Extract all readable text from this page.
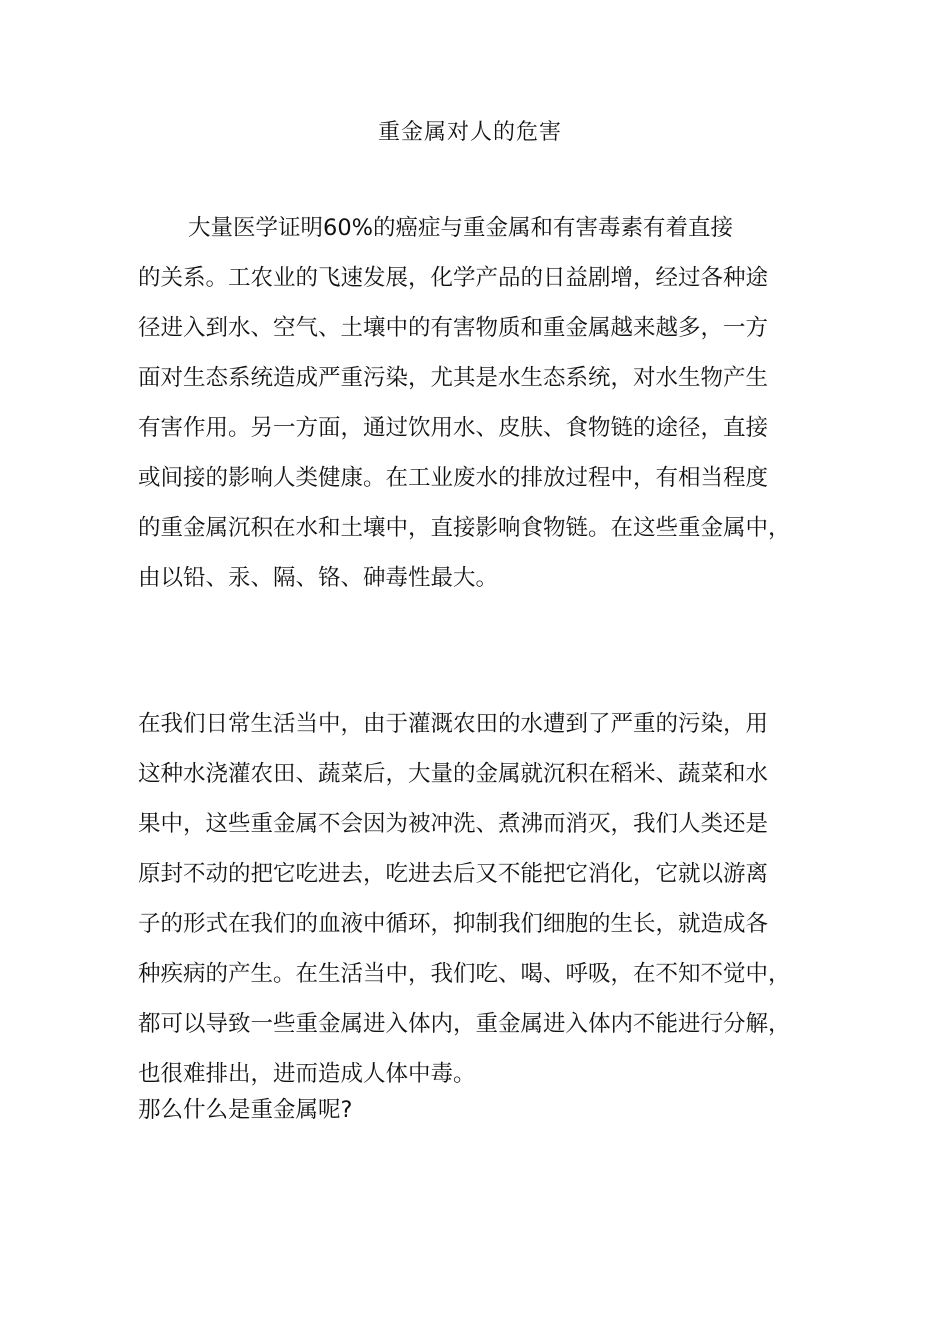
重金属对人的危害
大量医学证明60%的癌症与重金属和有害毒素有着直接
的关系。工农业的飞速发展，化学产品的日益剧增，经过各种途
径进入到水、空气、土壤中的有害物质和重金属越来越多，一方
面对生态系统造成严重污染，尤其是水生态系统，对水生物产生
有害作用。另一方面，通过饮用水、皮肤、食物链的途径，直接
或间接的影响人类健康。在工业废水的排放过程中，有相当程度
的重金属沉积在水和土壤中，直接影响食物链。在这些重金属中，
由以铅、汞、隔、铬、砷毒性最大。
在我们日常生活当中，由于灌溉农田的水遭到了严重的污染，用
这种水浇灌农田、蔬菜后，大量的金属就沉积在稻米、蔬菜和水
果中，这些重金属不会因为被冲洗、煮沸而消灭，我们人类还是
原封不动的把它吃进去，吃进去后又不能把它消化，它就以游离
子的形式在我们的血液中循环，抑制我们细胞的生长，就造成各
种疾病的产生。在生活当中，我们吃、喝、呼吸，在不知不觉中，
都可以导致一些重金属进入体内，重金属进入体内不能进行分解，
也很难排出，进而造成人体中毒。
那么什么是重金属呢?
